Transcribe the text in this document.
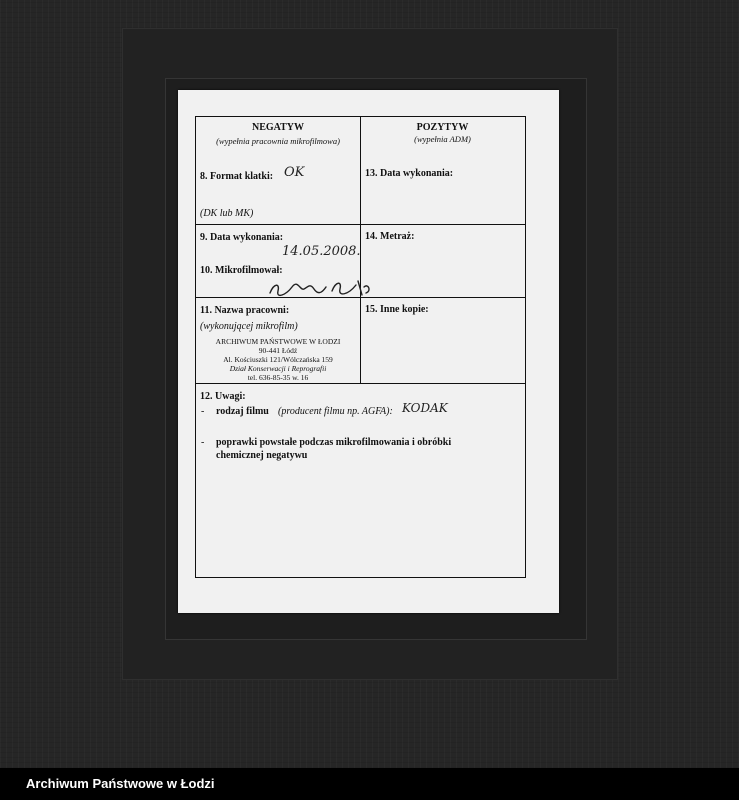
NEGATYW
(wypełnia pracownia mikrofilmowa)
POZYTYW
(wypełnia ADM)
8. Format klatki: OK
(DK lub MK)
13. Data wykonania:
9. Data wykonania:
14.05.2008.
14. Metraż:
10. Mikrofilmował:
11. Nazwa pracowni:
(wykonującej mikrofilm)
ARCHIWUM PAŃSTWOWE W ŁODZI
90-441 Łódź
Al. Kościuszki 121/Wólczańska 159
Dział Konserwacji i Reprografii
tel. 636-85-35 w. 16
15. Inne kopie:
12. Uwagi:
- rodzaj filmu (producent filmu np. AGFA): KODAK
- poprawki powstałe podczas mikrofilmowania i obróbki
chemicznej negatywu
Archiwum Państwowe w Łodzi
